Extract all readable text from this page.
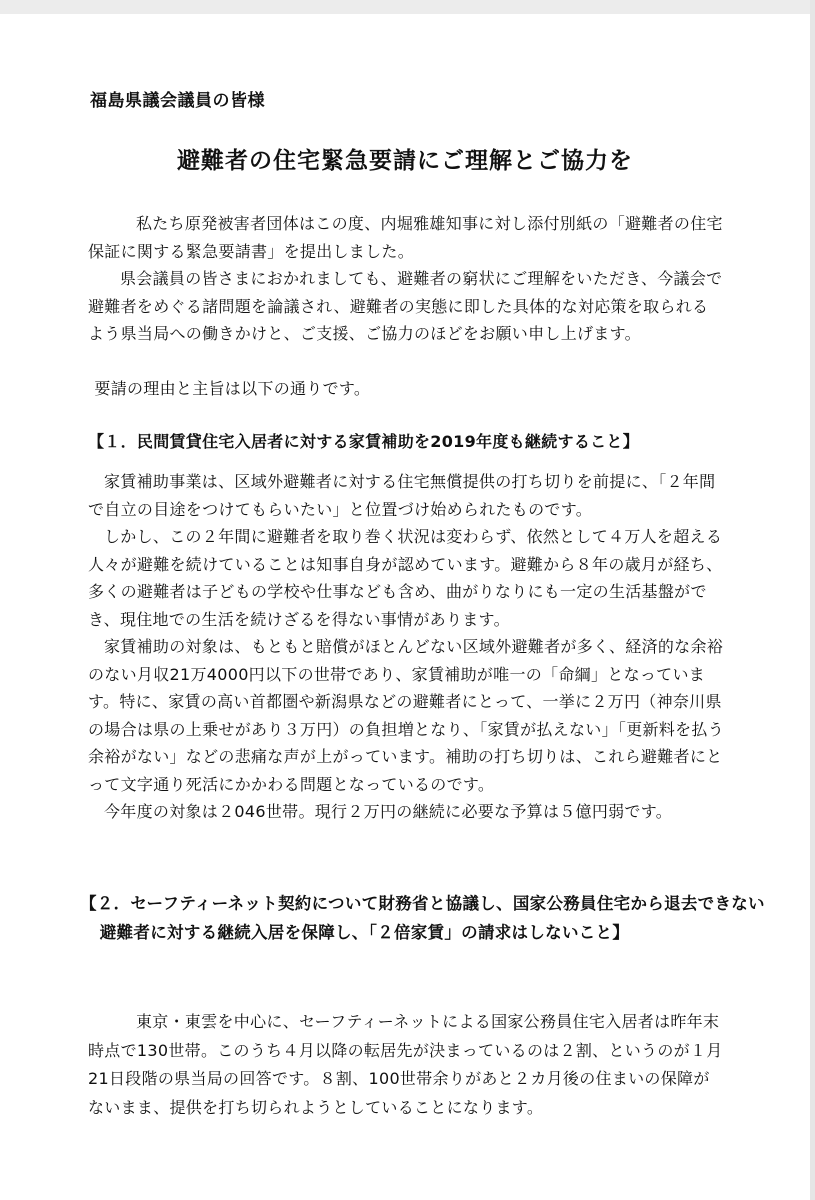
福島県議会議員の皆様
避難者の住宅緊急要請にご理解とご協力を

私たち原発被害者団体はこの度、内堀雅雄知事に対し添付別紙の「避難者の住宅保証に関する緊急要請書」を提出しました。

県会議員の皆さまにおかれましても、避難者の窮状にご理解をいただき、今議会で避難者をめぐる諸問題を論議され、避難者の実態に即した具体的な対応策を取られるよう県当局への働きかけと、ご支援、ご協力のほどをお願い申し上げます。

要請の理由と主旨は以下の通りです。

【１．民間賃貸住宅入居者に対する家賃補助を2019年度も継続すること】

家賃補助事業は、区域外避難者に対する住宅無償提供の打ち切りを前提に、「２年間で自立の目途をつけてもらいたい」と位置づけ始められたものです。

しかし、この２年間に避難者を取り巻く状況は変わらず、依然として４万人を超える人々が避難を続けていることは知事自身が認めています。避難から８年の歳月が経ち、多くの避難者は子どもの学校や仕事なども含め、曲がりなりにも一定の生活基盤ができ、現住地での生活を続けざるを得ない事情があります。

家賃補助の対象は、もともと賠償がほとんどない区域外避難者が多く、経済的な余裕のない月収21万4000円以下の世帯であり、家賃補助が唯一の「命綱」となっています。特に、家賃の高い首都圏や新潟県などの避難者にとって、一挙に２万円（神奈川県の場合は県の上乗せがあり３万円）の負担増となり、「家賃が払えない」「更新料を払う余裕がない」などの悲痛な声が上がっています。補助の打ち切りは、これら避難者にとって文字通り死活にかかわる問題となっているのです。

今年度の対象は２046世帯。現行２万円の継続に必要な予算は５億円弱です。

【２．セーフティーネット契約について財務省と協議し、国家公務員住宅から退去できない避難者に対する継続入居を保障し、「２倍家賃」の請求はしないこと】

東京・東雲を中心に、セーフティーネットによる国家公務員住宅入居者は昨年末時点で130世帯。このうち４月以降の転居先が決まっているのは２割、というのが１月21日段階の県当局の回答です。８割、100世帯余りがあと２カ月後の住まいの保障がないまま、提供を打ち切られようとしていることになります。
